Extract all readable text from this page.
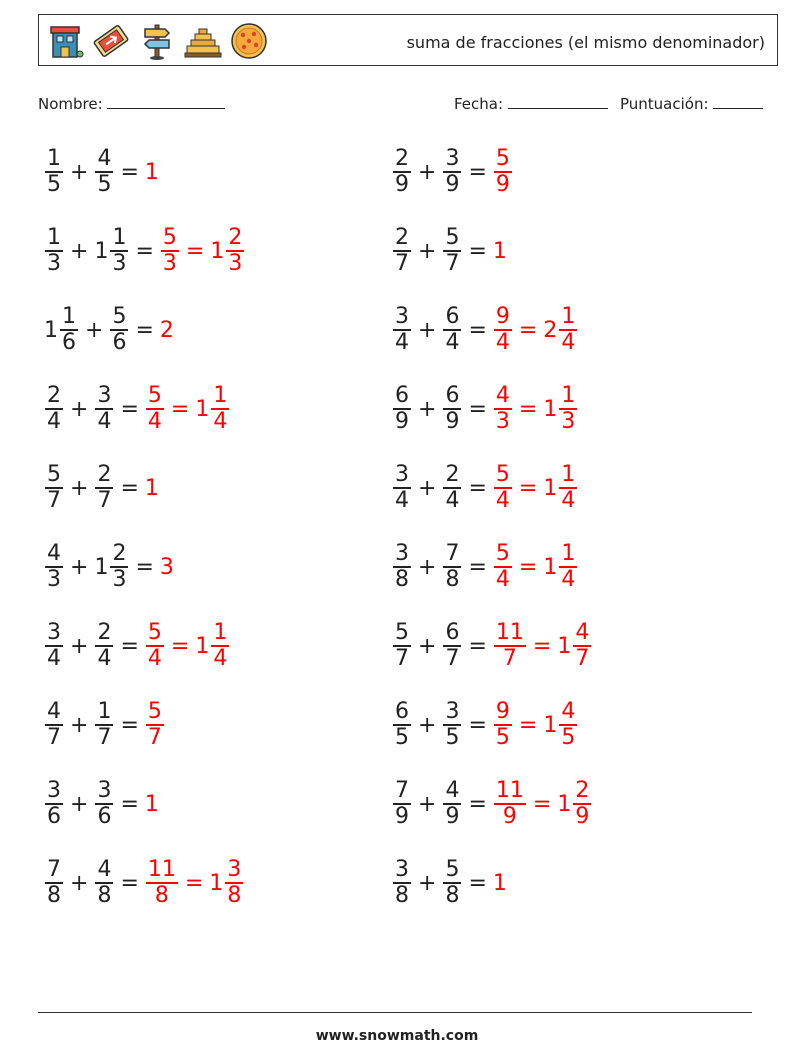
suma de fracciones (el mismo denominador)
Nombre:	Fecha:	Puntuación:
$\frac{1}{5} + \frac{4}{5} = 1$	$\frac{2}{9} + \frac{3}{9} = \frac{5}{9}$
$\frac{1}{3} + 1 \frac{1}{3} = \frac{5}{3} = 1 \frac{2}{3}$	$\frac{2}{7} + \frac{5}{7} = 1$
$1 \frac{1}{6} + \frac{5}{6} = 2$	$\frac{3}{4} + \frac{6}{4} = \frac{9}{4} = 2 \frac{1}{4}$
$\frac{2}{4} + \frac{3}{4} = \frac{5}{4} = 1 \frac{1}{4}$	$\frac{6}{9} + \frac{6}{9} = \frac{4}{3} = 1 \frac{1}{3}$
$\frac{5}{7} + \frac{2}{7} = 1$	$\frac{3}{4} + \frac{2}{4} = \frac{5}{4} = 1 \frac{1}{4}$
$\frac{4}{3} + 1 \frac{2}{3} = 3$	$\frac{3}{8} + \frac{7}{8} = \frac{5}{4} = 1 \frac{1}{4}$
$\frac{3}{4} + \frac{2}{4} = \frac{5}{4} = 1 \frac{1}{4}$	$\frac{5}{7} + \frac{6}{7} = \frac{11}{7} = 1 \frac{4}{7}$
$\frac{4}{7} + \frac{1}{7} = \frac{5}{7}$	$\frac{6}{5} + \frac{3}{5} = \frac{9}{5} = 1 \frac{4}{5}$
$\frac{3}{6} + \frac{3}{6} = 1$	$\frac{7}{9} + \frac{4}{9} = \frac{11}{9} = 1 \frac{2}{9}$
$\frac{7}{8} + \frac{4}{8} = \frac{11}{8} = 1 \frac{3}{8}$	$\frac{3}{8} + \frac{5}{8} = 1$
www.snowmath.com
